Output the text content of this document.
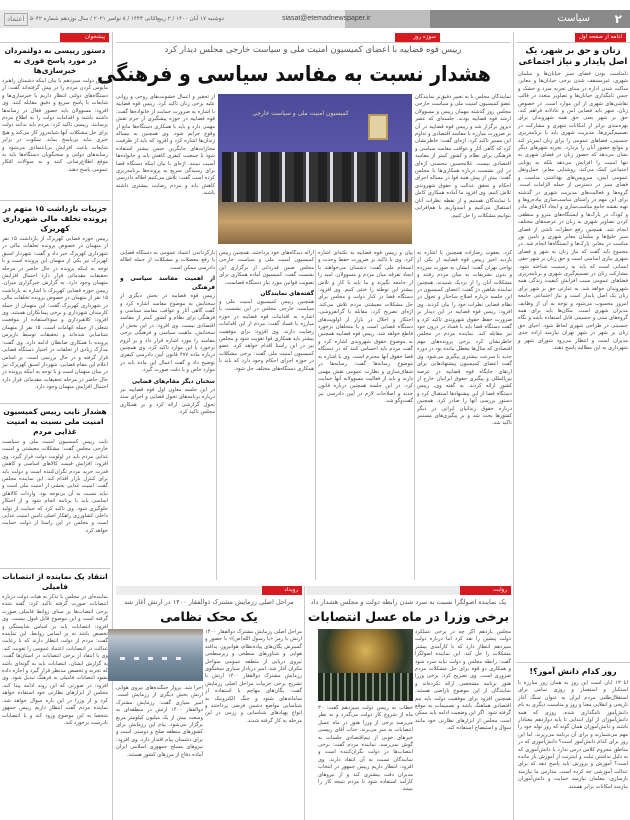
۲
سیاست
siasat@etemadnewspaper.ir
دوشنبه ۱۷ آبان ۱۴۰۰ / ۲ ربیع‌الثانی ۱۴۴۳ / ۸ نوامبر ۲۰۲۱ / سال نوزدهم شماره ۵۰۴۲
اعتماد
ادامه از صفحه اول
زنان و حق بر شهر، یک اصل پایدار و نیاز اجتماعی
نامناسب بودن فضای سبز خیابان‌ها و مبلمان شهری، غیرمسقف شدن برخی خیابان‌ها و معابر، ساکت شدن اداره در مبنای تجربه سرد و خشک و جنس نامگذاری خیابان‌ها و تصاویر متعدد در قالب نقاشی‌های شهری از این موارد است. در خصوص زنان، شهر باید فضایی امن و عادلانه فراهم کند. حق بر شهر یعنی حق همه شهروندان برای بهره‌مندی برابر از امکانات شهری و مشارکت در تصمیم‌گیری‌ها. مدیریت شهری باید با برنامه‌ریزی جنسیتی، فضاهای عمومی را برای زنان ایمن‌تر کند و موانع حضور آنان را بردارد. تجربه شهرهای دیگر نشان می‌دهد که حضور زنان در فضای شهری نه تنها امنیت را افزایش می‌دهد بلکه به پویایی اجتماعی کمک می‌کند. روشنایی معابر، حمل‌ونقل عمومی ایمن، سرویس‌های بهداشتی مناسب و فضای سبز در دسترس از جمله الزامات است. گروه‌ها و فعالیت‌های مدیریت شهری در گذشته برای این مهم در راستای مناسب‌سازی پیاده‌روها و تهیه نقشه جامع مناسب‌سازی و ایجاد اتاق‌های مادر و کودک در پارک‌ها و ایستگاه‌های مترو و منطقی کردن تصاویر شهری به زنان در عرصه‌های مختلف انجام شد. همچنین رفع خطرات ناشی از فضای سبز خلیج‌ها و مبلمان معابر شهری و تامین نور مناسب در معابر، پارک‌ها و ایستگاه‌ها انجام شد. در مجموع باید گفت که نیاز زنان به شهر و فضای شهری نیازی اساسی است و حق زنان بر شهر حقی انسانی است که باید به رسمیت شناخته شود. مشارکت زنان در تصمیم‌گیری شهری و برنامه‌ریزی فضاهای عمومی سبب افزایش کیفیت زندگی همه شهروندان خواهد شد. به عبارتی حق بر شهر برای زنان یک اصل پایدار است و نیاز اجتماعی جامعه امروز محسوب می‌شود و توجه به آن از وظایف مدیران شهری است. مکان‌ها باید برای همه گروه‌های سنی و جنسیتی قابل استفاده باشد و نگاه جنسیتی در طراحی شهری لحاظ شود. احیای حق زنان بر شهر در شهر تهران نیازمند اراده جدی مدیران است و انتظار می‌رود شورای شهر و شهرداری به این مطالبه پاسخ دهند.
روز کدام دانش آموز؟!
انا ۱۳ آبان است این روز به همان روز مبارزه با استکبار و استعمار و روزی تمامی برای استقلال‌طلبی مردم ایران به عنوان سنگ آغاز تاریخی و انقلابی معنا و روز و مناسبت دیگری به نام دانش‌آموز نامگذاری شده، روزی که همه دانش‌آموزان از اول ابتدایی تا پایه دوازدهم معنادار باشند و دانش‌آموزان همان گونه که روز تولد خود را مهم می‌شمارند و برای آن برنامه می‌ریزند. اما این روز برای کدام دانش‌آموز است؟ دانش‌آموزی که در مناطق محروم کلاس درس ندارد یا دانش‌آموزی که به دلیل نداشتن تبلت و اینترنت از آموزش باز مانده است؟ آموزش و پرورش باید پاسخ دهد که برای عدالت آموزشی چه کرده است. مدارس ما نیازمند بازسازی، معلمان نیازمند حمایت و دانش‌آموزان نیازمند امکانات برابر هستند.
سوژه روز
رییس قوه قضاییه با اعضای کمیسیون امنیت ملی و سیاست خارجی مجلس دیدار کرد
هشدار نسبت به مفاسد سیاسی و فرهنگی
نمایندگان مجلس با به تعبیر دقیق‌تر نمایندگان عضو کمیسیون امنیت ملی و سیاست خارجی مجلس روز گذشته مهمان رییس و مسوولان ارشد قوه قضاییه بودند. جلسه‌ای که عصر دیروز برگزار شد و رییس قوه قضاییه در آن بر ضرورت مبارزه با مفاسد اقتصادی و تداوم این مسیر تاکید کرد. اژه‌ای گفت: خاطرنشان کرد که گاهی آثار و عواقب مفاسد سیاسی و فرهنگی برای نظام و کشور کمتر از مفاسد اقتصادی نیست. غلامحسین محسنی اژه‌ای در این نشست درباره همکاری‌ها با مجلس گفت: بیش از پیش همه قوا در مساله اجرای احکام و تحقق عدالت و حقوق شهروندی تلاش کنیم. وی افزود ما آماده همکاری کامل با نمایندگان هستیم و از نقطه نظرات آنان استقبال می‌کنیم و امیدواریم با هم‌افزایی بتوانیم مشکلات را حل کنیم.
از تحقیر و اعمال خشونت‌های روحی و روانی علیه برخی زنان تاکید کرد. رییس قوه قضاییه با اشاره به ضرورت حمایت از خانواده‌ها گفت: قوه قضاییه در حوزه پیشگیری از جرم نقش مهمی دارد و باید با همکاری دستگاه‌ها مانع از وقوع جرایم شود. وی همچنین به مساله زندان‌ها اشاره کرد و افزود که باید از ظرفیت مجازات‌های جایگزین حبس بیشتر استفاده شود تا جمعیت کیفری کاهش یابد و خانواده‌ها آسیب نبینند. اژه‌ای با بیان اینکه دستگاه قضا برای رسیدگی سریع به پرونده‌ها برنامه‌ریزی کرده است گفت: تلاش می‌کنیم اطاله دادرسی کاهش یابد و مردم رضایت بیشتری داشته باشند.
کمیسیون امنیت ملی و سیاست خارجی
کرد. یعقوب رضازاده همچنین با اشاره به بازدید اخیر رییس قوه قضاییه از یکی از نواحی تهران گفت: ایشان به صورت سرزده و بدون تشریفات به میان مردم رفتند و مشکلات آنان را از نزدیک شنیدند. همچنین نماینده شاهین دژ گفت: اعضای کمیسیون در این جلسه درباره اصلاح ساختار و تحول در نظام قضایی نظرات خود را بیان کردند. وی افزود: رییس قوه قضاییه در این دیدار بر ضرورت حفظ حقوق شهروندی تاکید کرد و گفت دستگاه قضا باید با فساد در درون خود نیز مقابله کند. نماینده مردم در مجلس خاطرنشان کرد برخی پرونده‌های مهم اقتصادی که سال‌ها معطل مانده بود در دوره جدید با سرعت بیشتری پیگیری می‌شود. وی گفت اعضای کمیسیون پیشنهادهایی برای ارتقای جایگاه قوه قضاییه در عرصه بین‌المللی و پیگیری حقوق ایرانیان خارج از کشور ارائه کردند. به گفته وی، رییس دستگاه قضا از این پیشنهادها استقبال کرد و دستور بررسی آنها را صادر کرد. همچنین درباره حقوق زندانیان ایرانی در دیگر کشورها بحث شد و بر پیگیری‌های مستمر تاکید شد.
بیان و رییس قوه قضاییه به نکته‌ای اشاره کرد. وی با تاکید بر ضرورت حفظ وحدت و انسجام ملی گفت: دشمنان می‌خواهند با ایجاد تفرقه میان مردم و مسوولان، امید را از جامعه بگیرند و ما باید با کار و تلاش بیشتر این توطئه را خنثی کنیم. وی افزود: دستگاه قضا در کنار دولت و مجلس برای حل مشکلات معیشتی مردم تلاش می‌کند. اژه‌ای تصریح کرد: مقابله با گرانفروشی، احتکار و اخلال در بازار از اولویت‌های دستگاه قضایی است و با متخلفان برخورد قاطع خواهد شد. رییس قوه قضاییه همچنین به موضوع حقوق شهروندی اشاره کرد و گفت مردم باید احساس کنند که در دستگاه قضا حقوق آنها محترم است. وی با اشاره به موضوع رسانه‌ها گفت: رسانه‌ها در شفاف‌سازی و نظارت عمومی نقش مهمی دارند و باید از فعالیت مسوولانه آنها حمایت کرد. در این جلسه همچنین درباره قانون جدید و اصلاحات لازم در آیین دادرسی نیز گفت‌وگو شد.
ارائه دیدگاه‌های خود پرداختند. همچنین رییس کمیسیون امنیت ملی و سیاست خارجی مجلس ضمن قدردانی از برگزاری این نشست گفت: کمیسیون آماده همکاری برای تصویب قوانین مورد نیاز دستگاه قضاست.
گفته‌های نمایندگان
همچنین رییس کمیسیون امنیت ملی و سیاست خارجی مجلس در این نشست با اشاره به اقدامات قوه قضاییه در حوزه مبارزه با فساد گفت: مردم از این اقدامات رضایت دارند. وی افزود: برای موفقیت بیشتر باید همکاری قوا تقویت شود و مجلس نیز در این راستا اقدام خواهد کرد. عضو کمیسیون امنیت ملی گفت: برخی مشکلات در حوزه اجرای احکام وجود دارد که باید با همکاری دستگاه‌های مختلف حل شود.
بازگرداندن اعتماد عمومی به دستگاه قضایی با رفع معضلات و مشکلات از جمله اطاله دادرسی ممکن است.
از اهمیت مفاسد سیاسی و فرهنگی
رییس قوه قضاییه در بخش دیگری از سخنانش به موضوع مفاسد اشاره کرد و گفت گاهی آثار و عواقب مفاسد سیاسی و فرهنگی برای نظام و کشور کمتر از مفاسد اقتصادی نیست. وی افزود: در این بخش از سخنانش، ماهیت سیاسی و فرهنگی برخی مفاسد را مورد اشاره قرار داد و بر لزوم برخورد با این موارد تاکید کرد. وی همچنین درباره ماده ۴۷۷ قانون آیین دادرسی کیفری توضیح داد و گفت اعمال این ماده باید در موارد خاص و با دقت صورت گیرد.
سخنان دیگر مقام‌های قضایی
در این جلسه معاون اول قوه قضاییه نیز درباره برنامه‌های تحول قضایی و اجرای سند تحول گزارشی ارائه کرد و بر همکاری مجلس تاکید کرد.
روایت
یک نماینده اصولگرا نسبت به سرد شدن رابطه دولت و مجلس هشدار داد
برخی وزرا در ماه عسل انتصابات
مجلس یازدهم اگر چه در برخی عملکرد دولت پیشین را نقد کرد اما درباره دولت سیزدهم انتظار دارد که با کارآمدی بیشتر مشکلات را حل کند. این نماینده اصولگرا گفت: رابطه مجلس و دولت نباید سرد شود و همکاری دو قوه برای حل مشکلات مردم ضروری است. وی تصریح کرد: برخی وزرا هنوز برنامه مشخصی ارائه نکرده‌اند و نمایندگان از این موضوع ناراضی هستند. همچنین افزود برای موفقیت دولت باید تیم اقتصادی هماهنگ باشد و تصمیمات به موقع گرفته شود. اگر این وضعیت ادامه یابد ممکن است مجلس از ابزارهای نظارتی خود مانند سوال و استیضاح استفاده کند.
خطاب به رییس دولت سیزدهم گفت: ۳۰ ماه از شروع کار دولت می‌گذرد و به نظر می‌رسد برخی از وزرا هنوز در ماه عسل انتصابات به سر می‌برند. جناب آقای رییسی خبرهای خوبی از نیم‌اقتصادی جلسات به گوش نمی‌رسد. نماینده مردم گفت: برخی انتصاب‌ها در دولت نگران‌کننده است و نمایندگان نسبت به آن انتقاد دارند. وی افزود: انتظار داریم رییس جمهور در انتخاب مدیران دقت بیشتری کند و از نیروهای کارآمد استفاده شود تا مردم نتیجه کار را ببینند.
رویداد
مراحل اصلی رزمایش مشترک ذوالفقار ۱۴۰۰ در ارتش آغاز شد
یک محک نظامی
مراحل اصلی رزمایش مشترک ذوالفقار ۱۴۰۰ ارتش با رمز «یا رسول الله(ص)» با حضور و گسترش یگان‌های پیاده‌نظام، هوانیروز، پدافند هوایی و شناورهای سطحی و زیرسطحی نیروی دریایی از منطقه عمومی سواحل مکران آغاز شد. امیر دریادار سیاری سخنگوی رزمایش مشترک ذوالفقار ۱۴۰۰ ارتش با تشریح برخی جزییات مراحل اصلی رزمایش گفت: یگان‌های مهاجم با استفاده از سامانه‌های شنود و جنگ الکترونیک به شناسایی مواضع دشمن فرضی پرداختند و انواع پهپادهای شناسایی و رزمی در این مرحله به کار گرفته شدند.
اجرا شد. پرواز جنگنده‌های نیروی هوایی ارتش بخش دیگری از رزمایش است. امیر سیاری گفت: رزمایش مشترک ذوالفقار ۱۴۰۰ ارتش در منطقه‌ای به وسعت بیش از یک میلیون کیلومتر مربع برگزار می‌شود. پیام این رزمایش برای کشورهای منطقه صلح و دوستی است و برای دشمنان پیام اقتدار دارد. وی افزود: نیروهای مسلح جمهوری اسلامی ایران آماده دفاع از مرزهای کشور هستند.
پیشخوان
دستور رییسی به دولتمردان در مورد پاسخ فوری به خبرسازی‌ها
رییس دولت سیزدهم با بیان اینکه دشمنان راهبرد مایوس کردن مردم را در پیش گرفته‌اند گفت: از دستگاه‌های دولتی انتظار داریم با خبرسازی‌ها و شایعات با پاسخ سریع و دقیق مقابله کنند. وی افزود: مسوولان باید حضور فعال در رسانه‌ها داشته باشند و اقدامات دولت را به اطلاع مردم برسانند. رییسی تاکید کرد: مردم باید بدانند دولت برای حل مشکلات آنها شبانه‌روز کار می‌کند و هیچ خبری نباید بی‌پاسخ بماند. سکوت در برابر شایعات باعث افزایش بی‌اعتمادی می‌شود و رسانه‌های دولتی و سخنگویان دستگاه‌ها باید به موقع اطلاع‌رسانی کنند و به سوالات افکار عمومی پاسخ دهند.
جزییات بازداشت ۱۵ متهم در پرونده تخلف مالی شهرداری کهریزک
رییس حوزه قضایی کهریزک از بازداشت ۱۵ نفر از متهمان در خصوص پرونده تخلفات مالی در شهرداری کهریزک خبر داد و گفت: شهردار اسبق کهریزک نیز یکی از متهمان این پرونده است و با توجه به اینکه پرونده در حال حاضر در مرحله تحقیقات مقدماتی قرار دارد احتمال افزایش متهمان وجود دارد. به گزارش خبرگزاری میزان، رییس حوزه قضایی کهریزک با اشاره به بازداشت ۱۵ نفر از متهمان در خصوص پرونده تخلفات مالی در شهرداری کهریزک گفت: این متهمان از جمله کارمندان شهرداری و برخی پیمانکاران هستند. وی افزود: کلاهبرداری و سوءاستفاده از موقعیت شغلی از جمله اتهامات است. ۱۵ نفر از متهمان شناسایی شده‌اند و تحقیقات توسط بازپرس پرونده با همکاری ضابطان ادامه دارد. وی گفت: مدارک زیادی از تخلفات در اختیار دستگاه قضایی قرار گرفته و در حال بررسی است. بر اساس اعلام این مقام قضایی، شهردار اسبق کهریزک نیز در میان متهمان است و با توجه به اینکه پرونده در حال حاضر در مرحله تحقیقات مقدماتی قرار دارد احتمال افزایش متهمان وجود دارد.
هشدار نایب رییس کمیسیون امنیت ملی نسبت به امنیت غذایی مردم
نایب رییس کمیسیون امنیت ملی و سیاست خارجی مجلس گفت: مشکلات معیشتی و امنیت غذایی مردم باید در اولویت دولت قرار گیرد. وی افزود: افزایش قیمت کالاهای اساسی و کاهش قدرت خرید مردم نگران‌کننده است و دولت باید برای کنترل بازار اقدام کند. این نماینده مجلس گفت: امنیت غذایی بخشی از امنیت ملی است و نباید نسبت به آن بی‌توجه بود. واردات کالاهای اساسی باید با برنامه انجام شود و از احتکار جلوگیری شود. وی تاکید کرد که حمایت از تولید داخلی کشاورزی راهکار اصلی تامین امنیت غذایی است و مجلس در این راستا از دولت حمایت خواهد کرد.
انتقاد یک نماینده از انتصابات فامیلی
نماینده‌ای در مجلس با تذکر به هیات دولت درباره انتصابات صورت گرفته تاکید کرد: گفته شده برخی انتصاب‌ها بر مبنای روابط فامیلی صورت گرفته است و این موضوع قابل قبول نیست. وی افزود: انتصابات باید بر اساس شایستگی و تخصص باشد نه بر اساس روابط. این نماینده گفت: مردم از دولت انتظار دارند که با رعایت عدالت در انتصابات، اعتماد عمومی را تقویت کند. وی با انتقاد از برخی انتصابات در استان‌ها گفت: به گزارش ایشان، انتصابات باید به گونه‌ای باشد که تجربه و تخصص مدنظر قرار گیرد و اجازه داده نشود انتصابات فامیلی به فرهنگ تبدیل شود. وی افزود: در صورتی که این روند ادامه پیدا کند، مجلس از ابزارهای نظارتی خود استفاده خواهد کرد و از وزرا در این باره سوال خواهد شد. نماینده مردم گفت انتظار داریم رییس جمهور شخصا به این موضوع ورود کند و با انتصابات نادرست برخورد کند.
